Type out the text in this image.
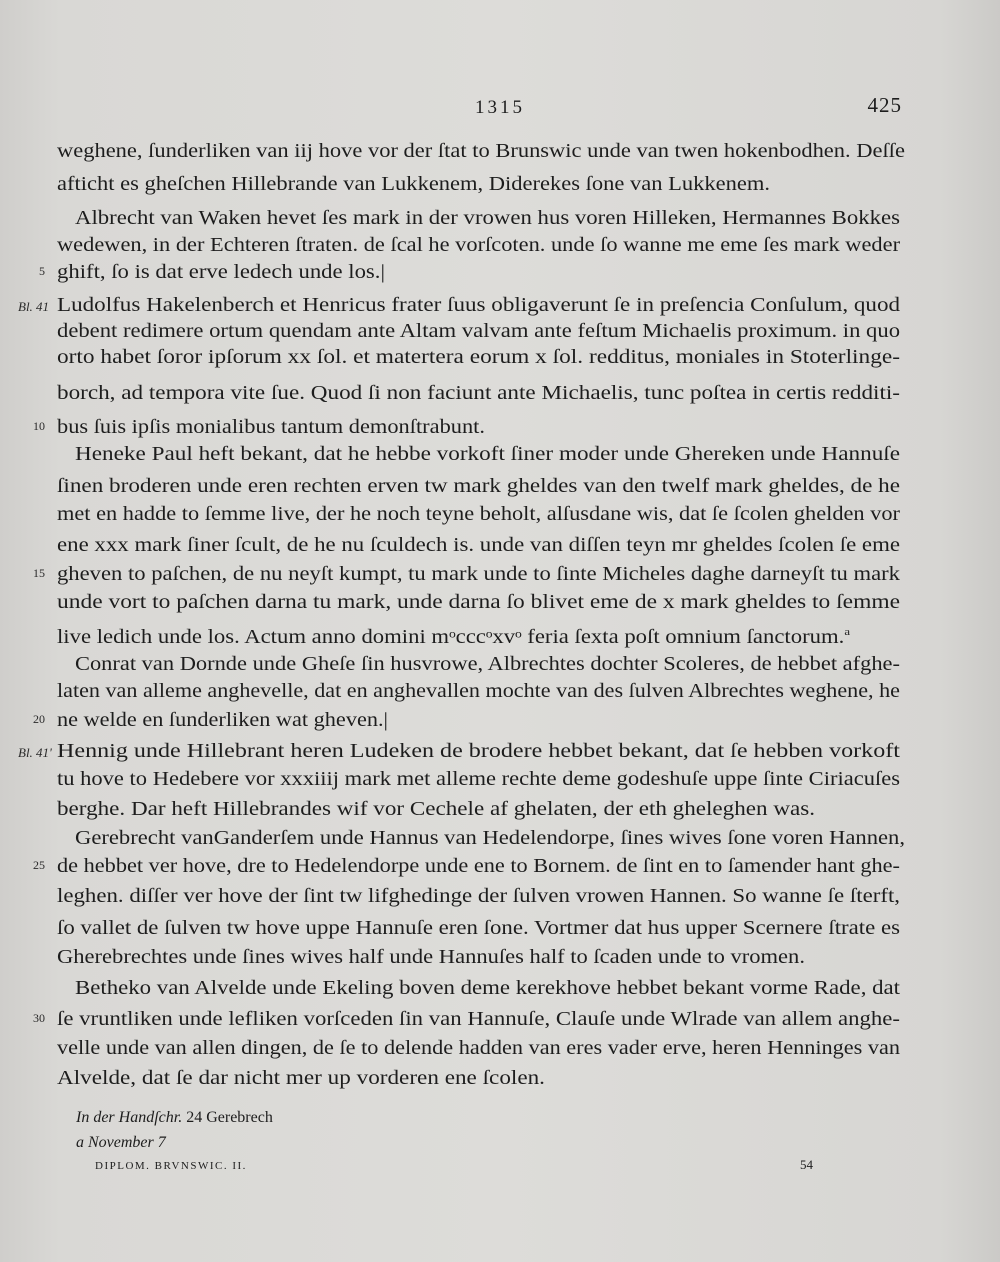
1315	425
weghene, ſunderliken van iij hove vor der ſtat to Brunswic unde van twen hokenbodhen. Deſſe
afticht es gheſchen Hillebrande van Lukkenem, Diderekes ſone van Lukkenem.
Albrecht van Waken hevet ſes mark in der vrowen hus voren Hilleken, Hermannes Bokkes
wedewen, in der Echteren ſtraten. de ſcal he vorſcoten. unde ſo wanne me eme ſes mark weder
ghift, ſo is dat erve ledech unde los.|
5
Ludolfus Hakelenberch et Henricus frater ſuus obligaverunt ſe in preſencia Conſulum, quod
Bl. 41
debent redimere ortum quendam ante Altam valvam ante feſtum Michaelis proximum. in quo
orto habet ſoror ipſorum xx ſol. et matertera eorum x ſol. redditus, moniales in Stoterlinge-
borch, ad tempora vite ſue. Quod ſi non faciunt ante Michaelis, tunc poſtea in certis redditi-
bus ſuis ipſis monialibus tantum demonſtrabunt.
10
Heneke Paul heft bekant, dat he hebbe vorkoft ſiner moder unde Ghereken unde Hannuſe
ſinen broderen unde eren rechten erven tw mark gheldes van den twelf mark gheldes, de he
met en hadde to ſemme live, der he noch teyne beholt, alſusdane wis, dat ſe ſcolen ghelden vor
ene xxx mark ſiner ſcult, de he nu ſculdech is. unde van diſſen teyn mr gheldes ſcolen ſe eme
gheven to paſchen, de nu neyſt kumpt, tu mark unde to ſinte Micheles daghe darneyſt tu mark
15
unde vort to paſchen darna tu mark, unde darna ſo blivet eme de x mark gheldes to ſemme
live ledich unde los. Actum anno domini mᵒcccᵒxvᵒ feria ſexta poſt omnium ſanctorum.$^a$
Conrat van Dornde unde Gheſe ſin husvrowe, Albrechtes dochter Scoleres, de hebbet afghe-
laten van alleme anghevelle, dat en anghevallen mochte van des ſulven Albrechtes weghene, he
ne welde en ſunderliken wat gheven.|
20
Hennig unde Hillebrant heren Ludeken de brodere hebbet bekant, dat ſe hebben vorkoft
Bl. 41'
tu hove to Hedebere vor xxxiiij mark met alleme rechte deme godeshuſe uppe ſinte Ciriacuſes
berghe. Dar heft Hillebrandes wif vor Cechele af ghelaten, der eth gheleghen was.
Gerebrecht vanGanderſem unde Hannus van Hedelendorpe, ſines wives ſone voren Hannen,
de hebbet ver hove, dre to Hedelendorpe unde ene to Bornem. de ſint en to ſamender hant ghe-
25
leghen. diſſer ver hove der ſint tw lifghedinge der ſulven vrowen Hannen. So wanne ſe ſterft,
ſo vallet de ſulven tw hove uppe Hannuſe eren ſone. Vortmer dat hus upper Scernere ſtrate es
Gherebrechtes unde ſines wives half unde Hannuſes half to ſcaden unde to vromen.
Betheko van Alvelde unde Ekeling boven deme kerekhove hebbet bekant vorme Rade, dat
ſe vruntliken unde lefliken vorſceden ſin van Hannuſe, Clauſe unde Wlrade van allem anghe-
30
velle unde van allen dingen, de ſe to delende hadden van eres vader erve, heren Henninges van
Alvelde, dat ſe dar nicht mer up vorderen ene ſcolen.
In der Handſchr. 24 Gerebrech
a November 7
DIPLOM. BRVNSWIC. II.	54
